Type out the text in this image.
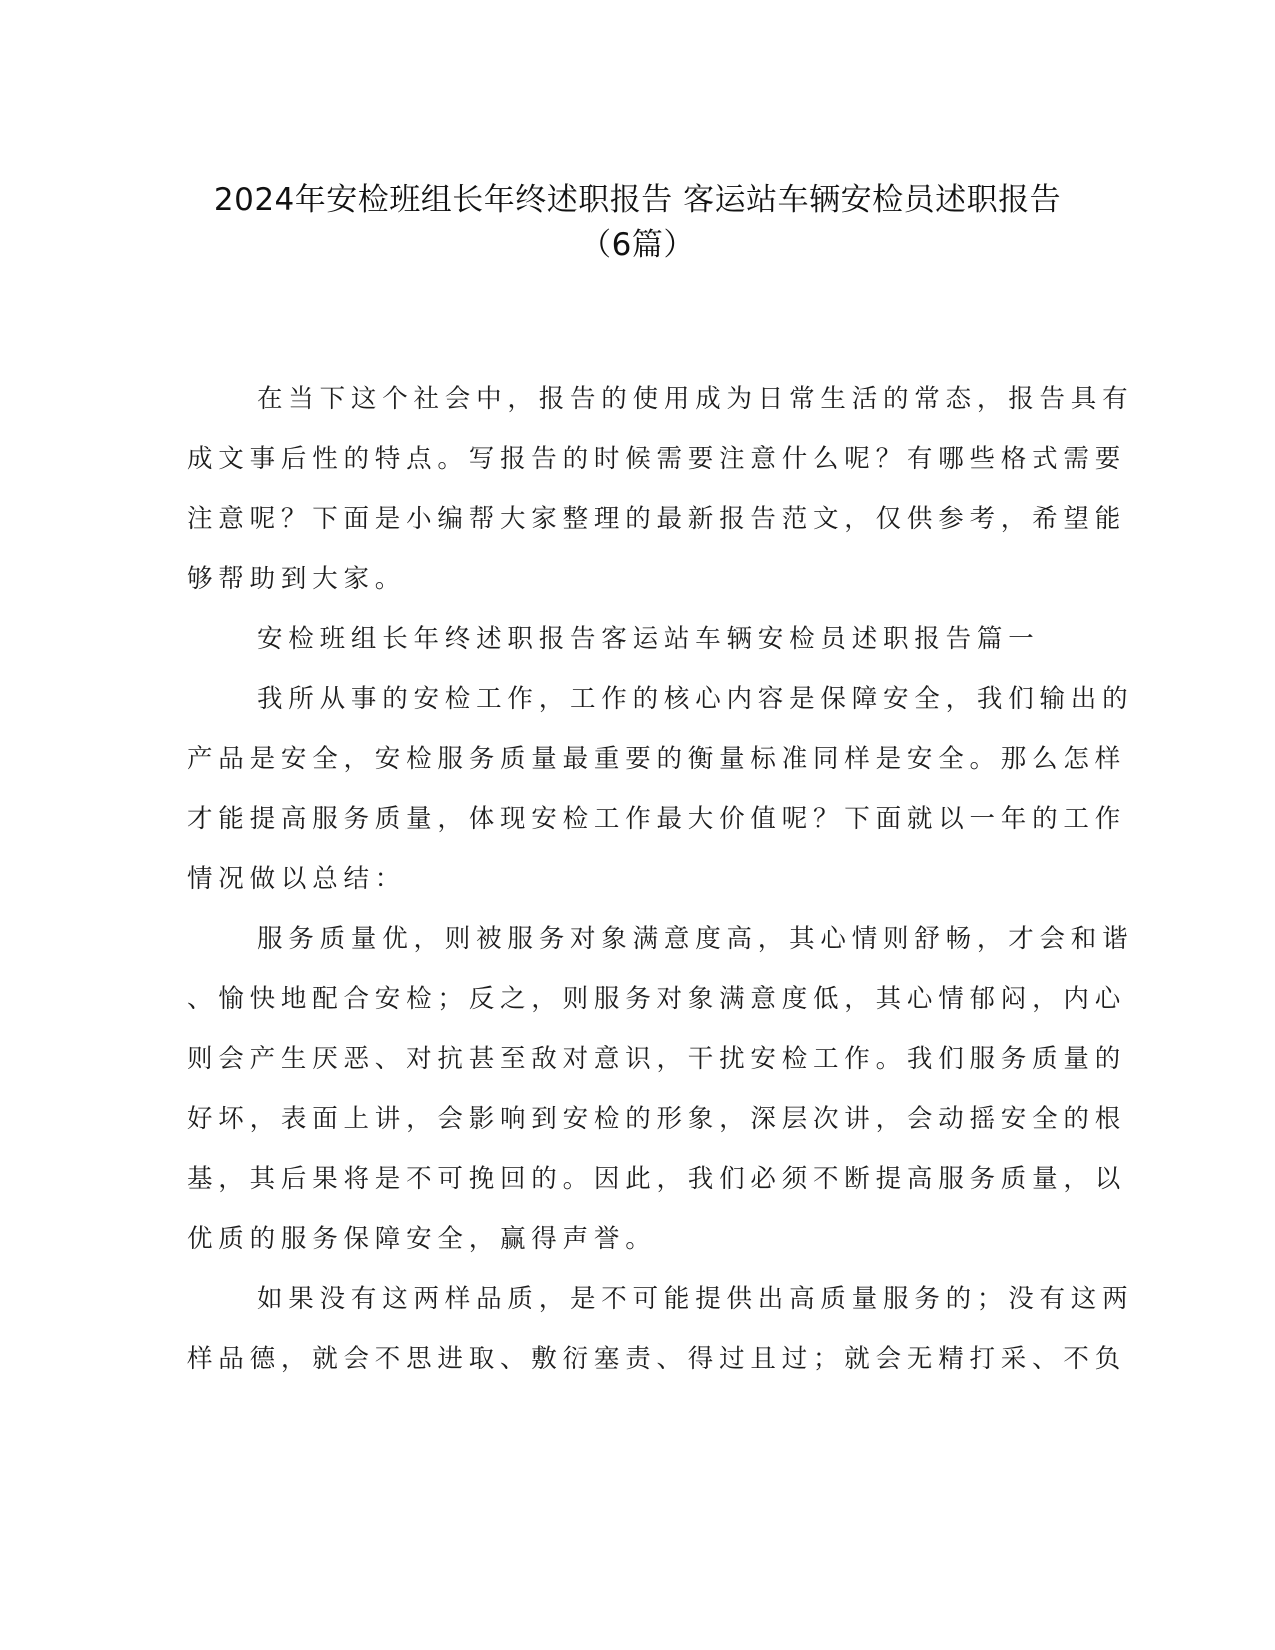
2024年安检班组长年终述职报告 客运站车辆安检员述职报告
（6篇）

在当下这个社会中，报告的使用成为日常生活的常态，报告具有
成文事后性的特点。写报告的时候需要注意什么呢？有哪些格式需要
注意呢？下面是小编帮大家整理的最新报告范文，仅供参考，希望能
够帮助到大家。

安检班组长年终述职报告客运站车辆安检员述职报告篇一

我所从事的安检工作，工作的核心内容是保障安全，我们输出的
产品是安全，安检服务质量最重要的衡量标准同样是安全。那么怎样
才能提高服务质量，体现安检工作最大价值呢？下面就以一年的工作
情况做以总结：

服务质量优，则被服务对象满意度高，其心情则舒畅，才会和谐
、愉快地配合安检；反之，则服务对象满意度低，其心情郁闷，内心
则会产生厌恶、对抗甚至敌对意识，干扰安检工作。我们服务质量的
好坏，表面上讲，会影响到安检的形象，深层次讲，会动摇安全的根
基，其后果将是不可挽回的。因此，我们必须不断提高服务质量，以
优质的服务保障安全，赢得声誉。

如果没有这两样品质，是不可能提供出高质量服务的；没有这两
样品德，就会不思进取、敷衍塞责、得过且过；就会无精打采、不负
